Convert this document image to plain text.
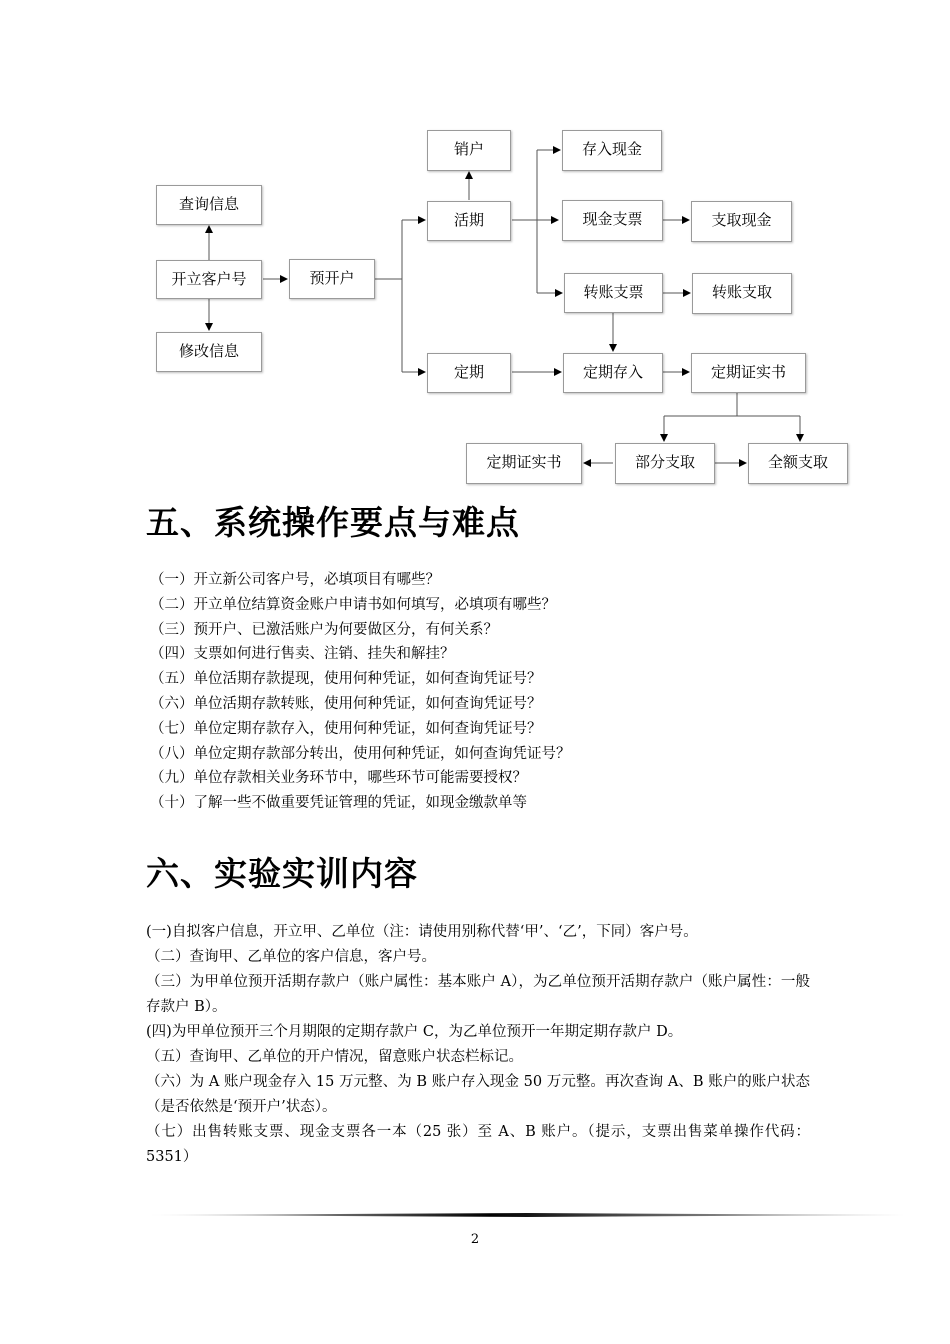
查询信息
开立客户号
修改信息
预开户
销户
活期
定期
存入现金
现金支票	支取现金
转账支票	转账支取
定期存入	定期证实书
定期证实书	部分支取	全额支取
五、系统操作要点与难点
（一）开立新公司客户号，必填项目有哪些？
（二）开立单位结算资金账户申请书如何填写，必填项有哪些？
（三）预开户、已激活账户为何要做区分，有何关系？
（四）支票如何进行售卖、注销、挂失和解挂？
（五）单位活期存款提现，使用何种凭证，如何查询凭证号？
（六）单位活期存款转账，使用何种凭证，如何查询凭证号？
（七）单位定期存款存入，使用何种凭证，如何查询凭证号？
（八）单位定期存款部分转出，使用何种凭证，如何查询凭证号？
（九）单位存款相关业务环节中，哪些环节可能需要授权？
（十）了解一些不做重要凭证管理的凭证，如现金缴款单等
六、实验实训内容

(一)自拟客户信息，开立甲、乙单位（注：请使用别称代替‘甲’、‘乙’，下同）客户号。

（二）查询甲、乙单位的客户信息，客户号。

（三）为甲单位预开活期存款户（账户属性：基本账户 A），为乙单位预开活期存款户（账户属性：一般存款户 B）。

(四)为甲单位预开三个月期限的定期存款户 C，为乙单位预开一年期定期存款户 D。

（五）查询甲、乙单位的开户情况，留意账户状态栏标记。

（六）为 A 账户现金存入 15 万元整、为 B 账户存入现金 50 万元整。再次查询 A、B 账户的账户状态（是否依然是‘预开户’状态）。

（七）出售转账支票、现金支票各一本（25 张）至 A、B 账户。（提示，支票出售菜单操作代码：5351）

2
